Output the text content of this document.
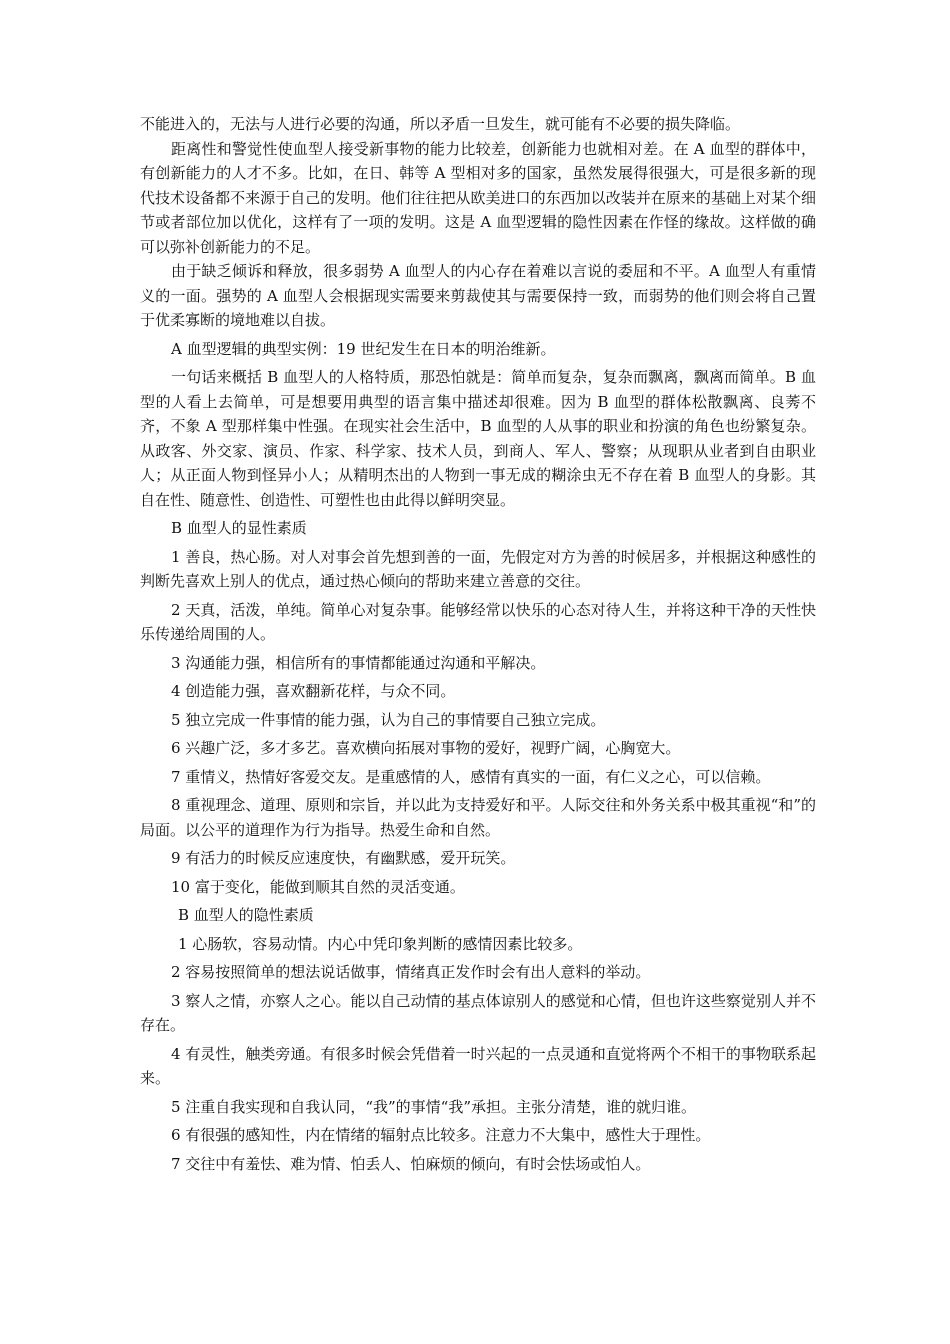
不能进入的，无法与人进行必要的沟通，所以矛盾一旦发生，就可能有不必要的损失降临。

距离性和警觉性使血型人接受新事物的能力比较差，创新能力也就相对差。在 A 血型的群体中，有创新能力的人才不多。比如，在日、韩等 A 型相对多的国家，虽然发展得很强大，可是很多新的现代技术设备都不来源于自己的发明。他们往往把从欧美进口的东西加以改装并在原来的基础上对某个细节或者部位加以优化，这样有了一项的发明。这是 A 血型逻辑的隐性因素在作怪的缘故。这样做的确可以弥补创新能力的不足。

由于缺乏倾诉和释放，很多弱势 A 血型人的内心存在着难以言说的委屈和不平。A 血型人有重情义的一面。强势的 A 血型人会根据现实需要来剪裁使其与需要保持一致，而弱势的他们则会将自己置于优柔寡断的境地难以自拔。

A 血型逻辑的典型实例：19 世纪发生在日本的明治维新。

一句话来概括 B 血型人的人格特质，那恐怕就是：简单而复杂，复杂而飘离，飘离而简单。B 血型的人看上去简单，可是想要用典型的语言集中描述却很难。因为 B 血型的群体松散飘离、良莠不齐，不象 A 型那样集中性强。在现实社会生活中，B 血型的人从事的职业和扮演的角色也纷繁复杂。从政客、外交家、演员、作家、科学家、技术人员，到商人、军人、警察；从现职从业者到自由职业人；从正面人物到怪异小人；从精明杰出的人物到一事无成的糊涂虫无不存在着 B 血型人的身影。其自在性、随意性、创造性、可塑性也由此得以鲜明突显。

B 血型人的显性素质

1 善良，热心肠。对人对事会首先想到善的一面，先假定对方为善的时候居多，并根据这种感性的判断先喜欢上别人的优点，通过热心倾向的帮助来建立善意的交往。

2 天真，活泼，单纯。简单心对复杂事。能够经常以快乐的心态对待人生，并将这种干净的天性快乐传递给周围的人。

3 沟通能力强，相信所有的事情都能通过沟通和平解决。

4 创造能力强，喜欢翻新花样，与众不同。

5 独立完成一件事情的能力强，认为自己的事情要自己独立完成。

6 兴趣广泛，多才多艺。喜欢横向拓展对事物的爱好，视野广阔，心胸宽大。

7 重情义，热情好客爱交友。是重感情的人，感情有真实的一面，有仁义之心，可以信赖。

8 重视理念、道理、原则和宗旨，并以此为支持爱好和平。人际交往和外务关系中极其重视“和”的局面。以公平的道理作为行为指导。热爱生命和自然。

9 有活力的时候反应速度快，有幽默感，爱开玩笑。

10 富于变化，能做到顺其自然的灵活变通。

B 血型人的隐性素质

1 心肠软，容易动情。内心中凭印象判断的感情因素比较多。

2 容易按照简单的想法说话做事，情绪真正发作时会有出人意料的举动。

3 察人之情，亦察人之心。能以自己动情的基点体谅别人的感觉和心情，但也许这些察觉别人并不存在。

4 有灵性，触类旁通。有很多时候会凭借着一时兴起的一点灵通和直觉将两个不相干的事物联系起来。

5 注重自我实现和自我认同，“我”的事情“我”承担。主张分清楚，谁的就归谁。

6 有很强的感知性，内在情绪的辐射点比较多。注意力不大集中，感性大于理性。

7 交往中有羞怯、难为情、怕丢人、怕麻烦的倾向，有时会怯场或怕人。
